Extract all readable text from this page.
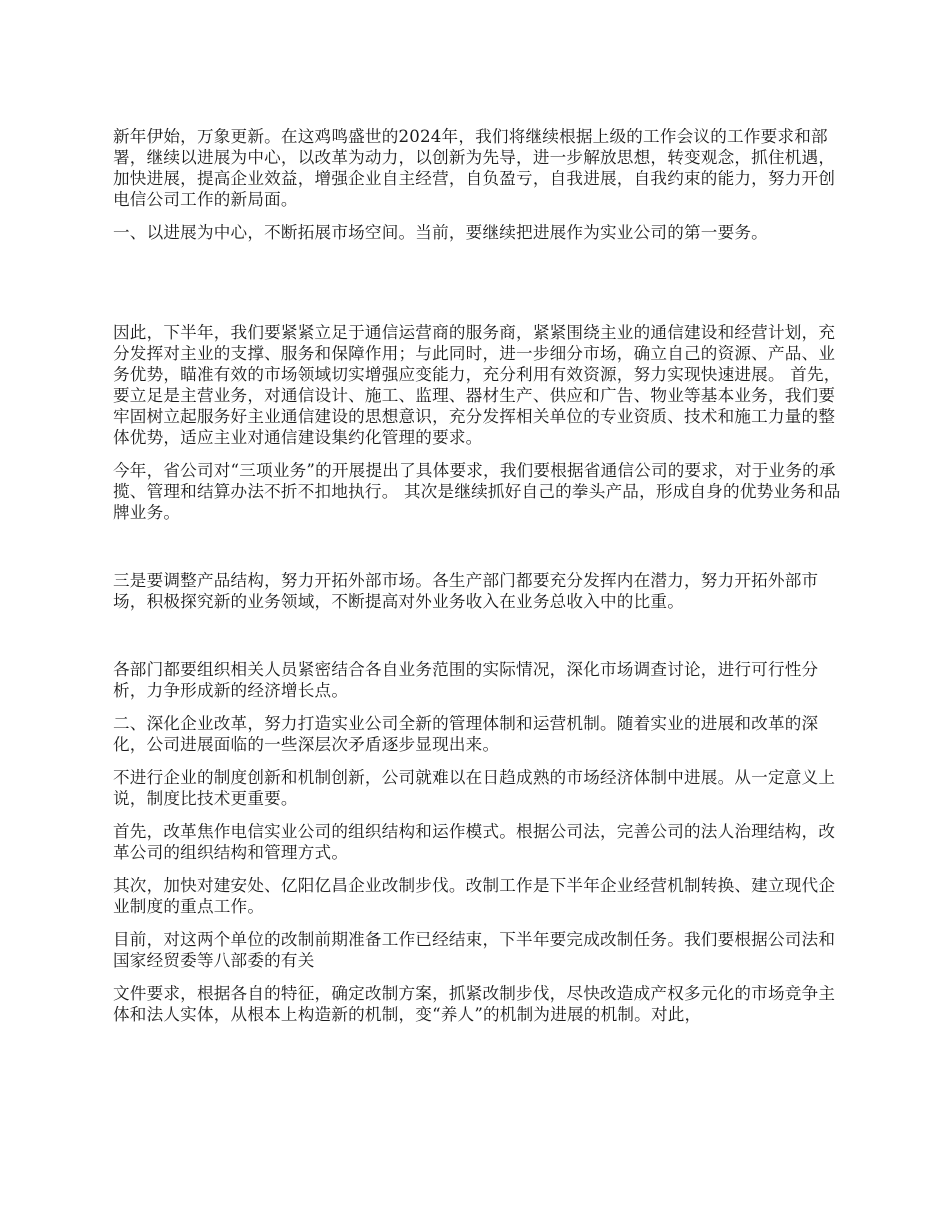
新年伊始，万象更新。在这鸡鸣盛世的2024年，我们将继续根据上级的工作会议的工作要求和部署，继续以进展为中心，以改革为动力，以创新为先导，进一步解放思想，转变观念，抓住机遇，加快进展，提高企业效益，增强企业自主经营，自负盈亏，自我进展，自我约束的能力，努力开创电信公司工作的新局面。

一、以进展为中心，不断拓展市场空间。当前，要继续把进展作为实业公司的第一要务。

因此，下半年，我们要紧紧立足于通信运营商的服务商，紧紧围绕主业的通信建设和经营计划，充分发挥对主业的支撑、服务和保障作用；与此同时，进一步细分市场，确立自己的资源、产品、业务优势，瞄准有效的市场领域切实增强应变能力，充分利用有效资源，努力实现快速进展。 首先，要立足是主营业务，对通信设计、施工、监理、器材生产、供应和广告、物业等基本业务，我们要牢固树立起服务好主业通信建设的思想意识，充分发挥相关单位的专业资质、技术和施工力量的整体优势，适应主业对通信建设集约化管理的要求。

今年，省公司对“三项业务”的开展提出了具体要求，我们要根据省通信公司的要求，对于业务的承揽、管理和结算办法不折不扣地执行。 其次是继续抓好自己的拳头产品，形成自身的优势业务和品牌业务。

三是要调整产品结构，努力开拓外部市场。各生产部门都要充分发挥内在潜力，努力开拓外部市场，积极探究新的业务领域，不断提高对外业务收入在业务总收入中的比重。

各部门都要组织相关人员紧密结合各自业务范围的实际情况，深化市场调查讨论，进行可行性分析，力争形成新的经济增长点。

二、深化企业改革，努力打造实业公司全新的管理体制和运营机制。随着实业的进展和改革的深化，公司进展面临的一些深层次矛盾逐步显现出来。

不进行企业的制度创新和机制创新，公司就难以在日趋成熟的市场经济体制中进展。从一定意义上说，制度比技术更重要。

首先，改革焦作电信实业公司的组织结构和运作模式。根据公司法，完善公司的法人治理结构，改革公司的组织结构和管理方式。

其次，加快对建安处、亿阳亿昌企业改制步伐。改制工作是下半年企业经营机制转换、建立现代企业制度的重点工作。

目前，对这两个单位的改制前期准备工作已经结束，下半年要完成改制任务。我们要根据公司法和国家经贸委等八部委的有关

文件要求，根据各自的特征，确定改制方案，抓紧改制步伐，尽快改造成产权多元化的市场竞争主体和法人实体，从根本上构造新的机制，变“养人”的机制为进展的机制。对此，
